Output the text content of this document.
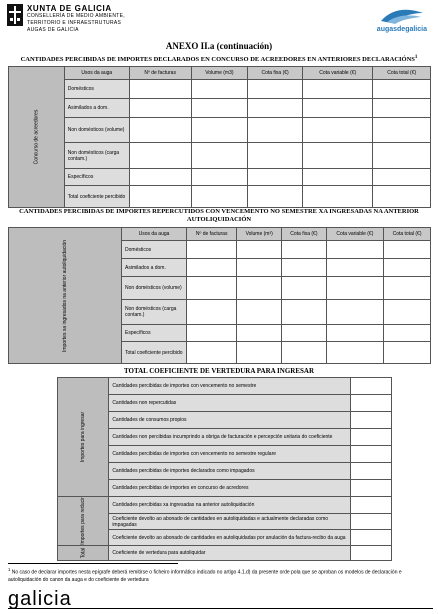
XUNTA DE GALICIA
CONSELLERÍA DE MEDIO AMBIENTE,
TERRITORIO E INFRAESTRUTURAS
AUGAS DE GALICIA	augasdegalicia
ANEXO II.a (continuación)
CANTIDADES PERCIBIDAS DE IMPORTES DECLARADOS EN CONCURSO DE ACREEDORES EN ANTERIORES DECLARACIÓNS$^1$
Concurso de acreedores	Usos da auga	Nº de facturas	Volume (m3)	Cota fixa (€)	Cota variable (€)	Cota total (€)
	Domésticos					
	Asimilados a dom.					
	Non domésticos (volume)					
	Non domésticos (carga contam.)					
	Específicos					
	Total coeficiente percibido					
CANTIDADES PERCIBIDAS DE IMPORTES REPERCUTIDOS CON VENCEMENTO NO SEMESTRE XA INGRESADAS NA ANTERIOR AUTOLIQUIDACIÓN
Importes xa ingresados na anterior autoliquidación	Usos da auga	Nº de facturas	Volume (m³)	Cota fixa (€)	Cota variable (€)	Cota total (€)
	Domésticos					
	Asimilados a dom.					
	Non domésticos (volume)					
	Non domésticos (carga contam.)					
	Específicos					
	Total coeficiente percibido					
TOTAL COEFICIENTE DE VERTEDURA PARA INGRESAR
Importes para ingresar	Cantidades percibidas de importes con vencemento no semestre	
	Cantidades non repercutidas	
	Cantidades de consumos propios	
	Cantidades non percibidas incumprindo a obriga de facturación e percepción unitaria do coeficiente	
	Cantidades percibidas de importes con vencemento no semestre regulare	
	Cantidades percibidas de importes declarados como impagados	
	Cantidades percibidas de importes en concurso de acredores	
Importes para reducir	Cantidades percibidas xa ingresadas na anterior autoliquidación	
	Coeficiente devolto ao abonado de cantidades en autoliquidadas e actualmente declaradas como impagadas	
	Coeficiente devolto ao abonado de cantidades en autoliquidadas por anulación da factura-recibo da auga	
Total	Coeficiente de vertedura para autoliquidar	
$^1$ No caso de declarar importes nesta epígrafe deberá remitirse o ficheiro informático indicado no artigo 4.1.d) da presente orde pola que se aproban os modelos de declaración e autoliquidación do canon da auga e do coeficiente de vertedura
galicia
